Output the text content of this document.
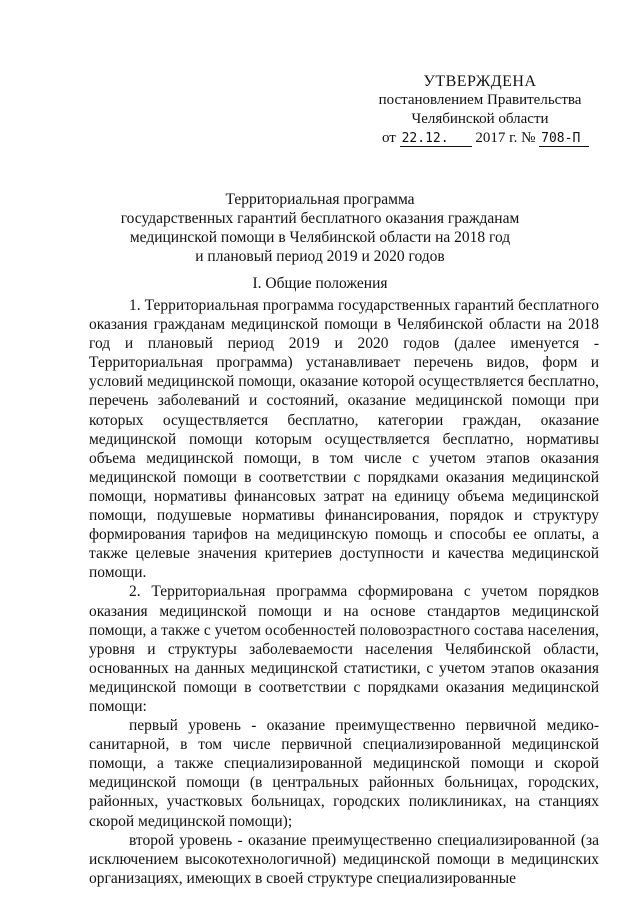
УТВЕРЖДЕНА
постановлением Правительства
Челябинской области
от 22.12. 2017 г. № 708-П
Территориальная программа
государственных гарантий бесплатного оказания гражданам
медицинской помощи в Челябинской области на 2018 год
и плановый период 2019 и 2020 годов
I. Общие положения

1. Территориальная программа государственных гарантий бесплатного оказания гражданам медицинской помощи в Челябинской области на 2018 год и плановый период 2019 и 2020 годов (далее именуется - Территориальная программа) устанавливает перечень видов, форм и условий медицинской помощи, оказание которой осуществляется бесплатно, перечень заболеваний и состояний, оказание медицинской помощи при которых осуществляется бесплатно, категории граждан, оказание медицинской помощи которым осуществляется бесплатно, нормативы объема медицинской помощи, в том числе с учетом этапов оказания медицинской помощи в соответствии с порядками оказания медицинской помощи, нормативы финансовых затрат на единицу объема медицинской помощи, подушевые нормативы финансирования, порядок и структуру формирования тарифов на медицинскую помощь и способы ее оплаты, а также целевые значения критериев доступности и качества медицинской помощи.

2. Территориальная программа сформирована с учетом порядков оказания медицинской помощи и на основе стандартов медицинской помощи, а также с учетом особенностей половозрастного состава населения, уровня и структуры заболеваемости населения Челябинской области, основанных на данных медицинской статистики, с учетом этапов оказания медицинской помощи в соответствии с порядками оказания медицинской помощи:

первый уровень - оказание преимущественно первичной медико-санитарной, в том числе первичной специализированной медицинской помощи, а также специализированной медицинской помощи и скорой медицинской помощи (в центральных районных больницах, городских, районных, участковых больницах, городских поликлиниках, на станциях скорой медицинской помощи);

второй уровень - оказание преимущественно специализированной (за исключением высокотехнологичной) медицинской помощи в медицинских организациях, имеющих в своей структуре специализированные
